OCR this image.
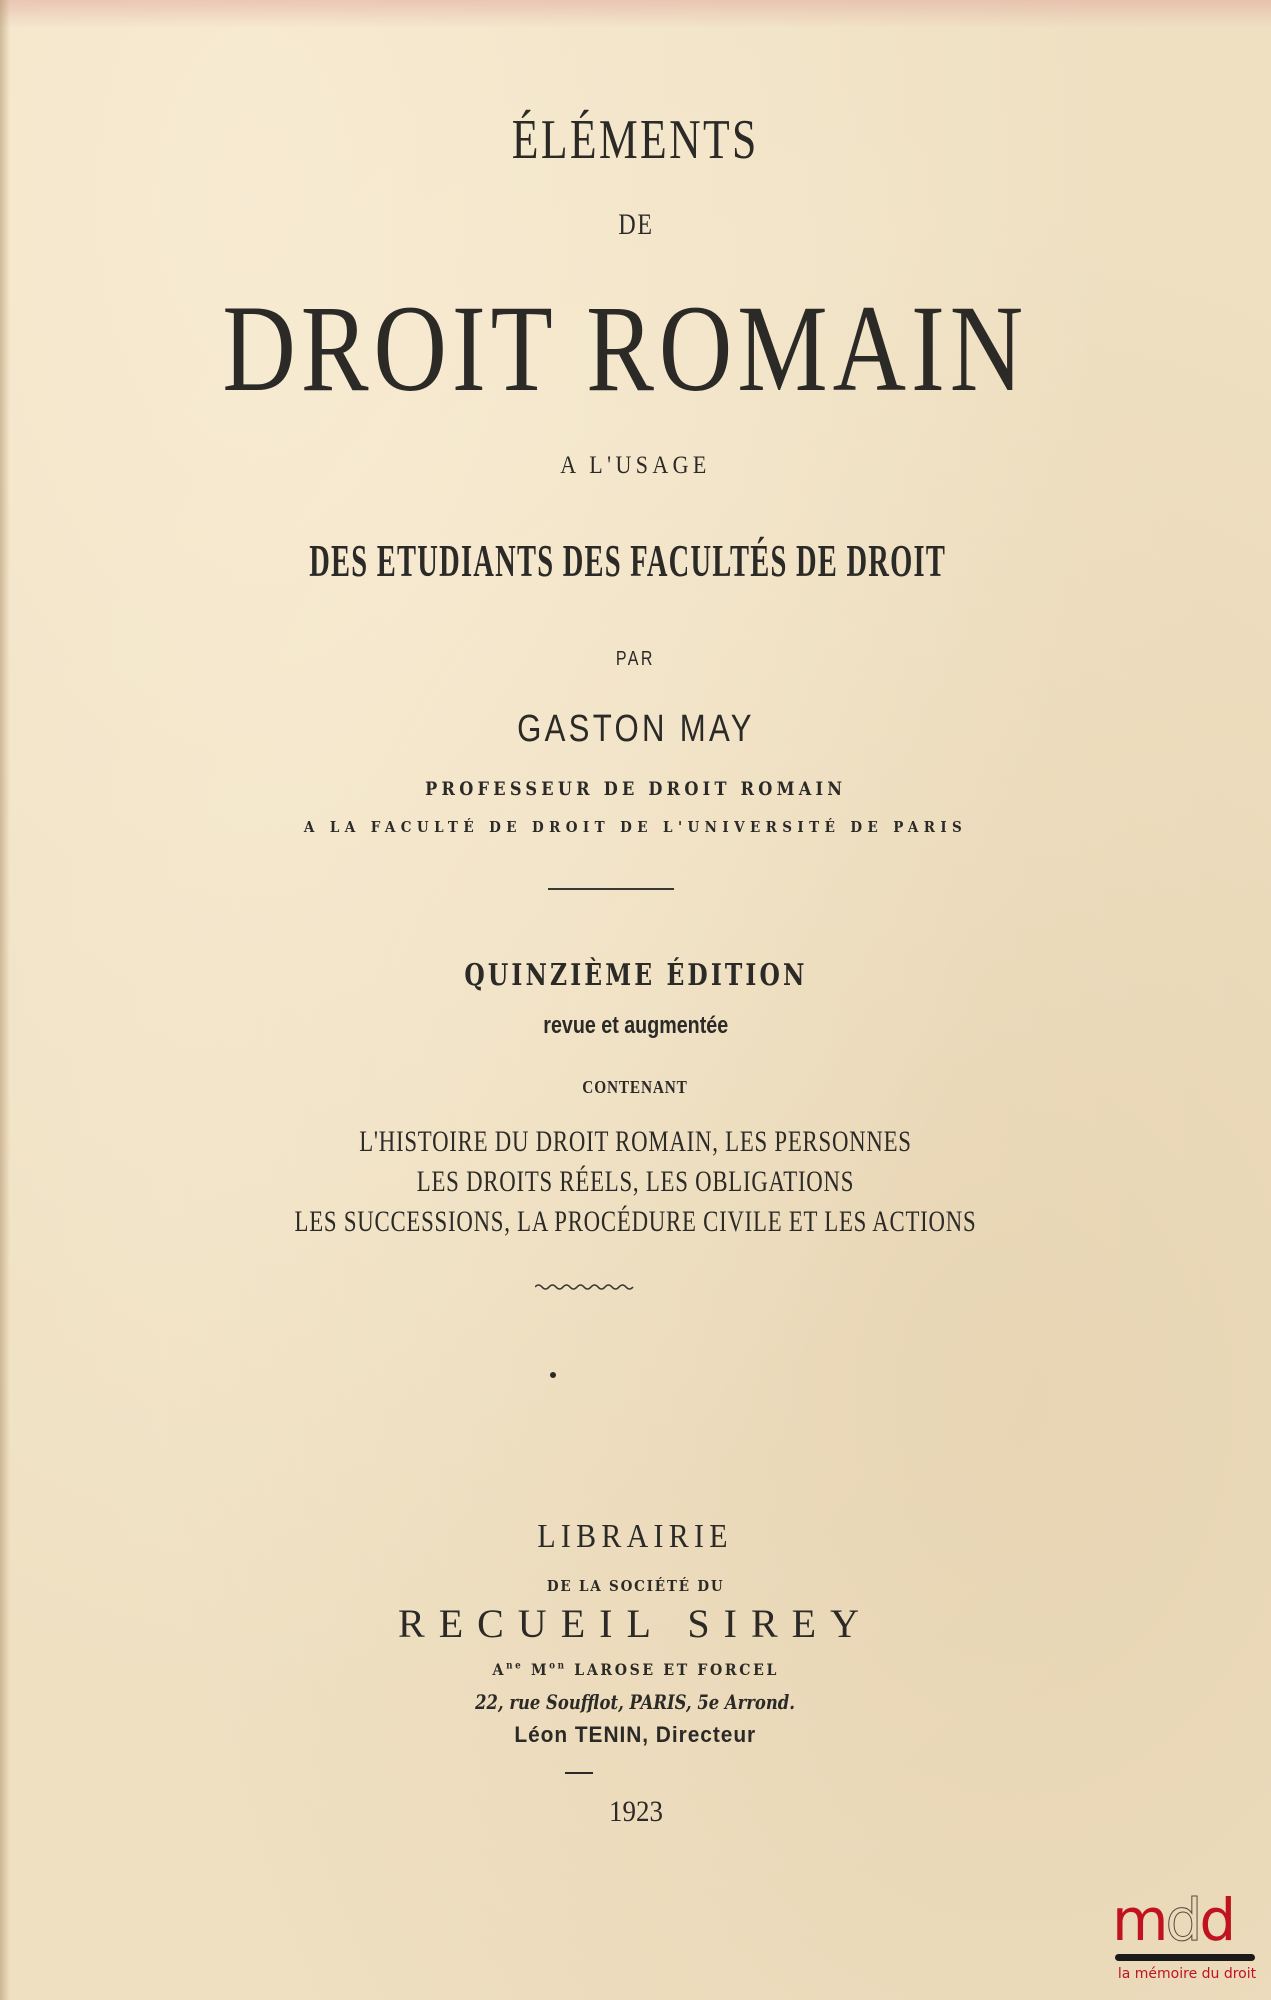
ÉLÉMENTS
DE
DROIT ROMAIN
A L'USAGE
DES ETUDIANTS DES FACULTÉS DE DROIT
PAR
GASTON MAY
PROFESSEUR DE DROIT ROMAIN
A LA FACULTÉ DE DROIT DE L'UNIVERSITÉ DE PARIS
QUINZIÈME ÉDITION
revue et augmentée
CONTENANT
L'HISTOIRE DU DROIT ROMAIN, LES PERSONNES
LES DROITS RÉELS, LES OBLIGATIONS
LES SUCCESSIONS, LA PROCÉDURE CIVILE ET LES ACTIONS
LIBRAIRIE
DE LA SOCIÉTÉ DU
RECUEIL SIREY
$A^{ne}$ $M^{on}$ LAROSE ET FORCEL
22, rue Soufflot, PARIS, 5e Arrond.
Léon TENIN, Directeur
1923
mdd
la mémoire du droit
